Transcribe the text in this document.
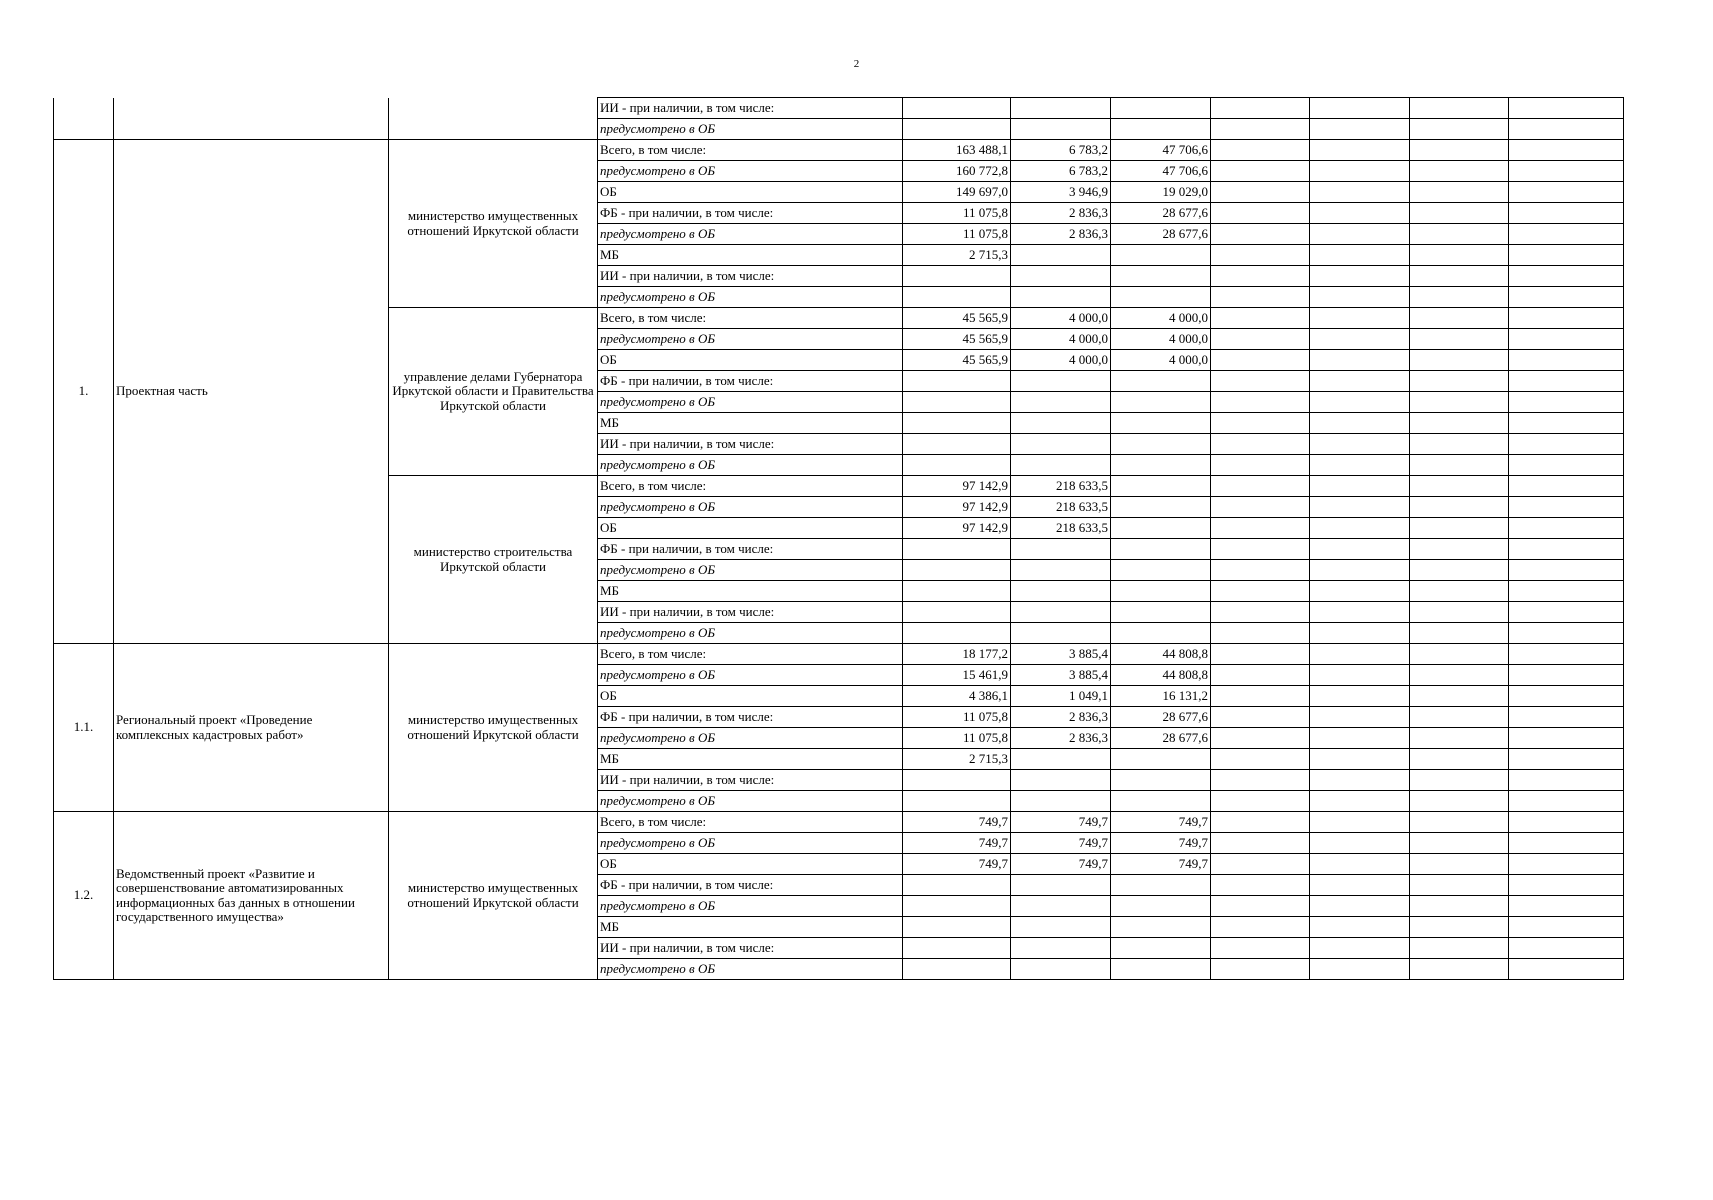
2
			ИИ - при наличии, в том числе:							
			предусмотрено в ОБ							
1.	Проектная часть	министерство имущественных отношений Иркутской области	Всего, в том числе:	163 488,1	6 783,2	47 706,6				
			предусмотрено в ОБ	160 772,8	6 783,2	47 706,6				
			ОБ	149 697,0	3 946,9	19 029,0				
			ФБ - при наличии, в том числе:	11 075,8	2 836,3	28 677,6				
			предусмотрено в ОБ	11 075,8	2 836,3	28 677,6				
			МБ	2 715,3						
			ИИ - при наличии, в том числе:							
			предусмотрено в ОБ							
		управление делами Губернатора Иркутской области и Правительства Иркутской области	Всего, в том числе:	45 565,9	4 000,0	4 000,0				
			предусмотрено в ОБ	45 565,9	4 000,0	4 000,0				
			ОБ	45 565,9	4 000,0	4 000,0				
			ФБ - при наличии, в том числе:							
			предусмотрено в ОБ							
			МБ							
			ИИ - при наличии, в том числе:							
			предусмотрено в ОБ							
		министерство строительства Иркутской области	Всего, в том числе:	97 142,9	218 633,5					
			предусмотрено в ОБ	97 142,9	218 633,5					
			ОБ	97 142,9	218 633,5					
			ФБ - при наличии, в том числе:							
			предусмотрено в ОБ							
			МБ							
			ИИ - при наличии, в том числе:							
			предусмотрено в ОБ							
1.1.	Региональный проект «Проведение комплексных кадастровых работ»	министерство имущественных отношений Иркутской области	Всего, в том числе:	18 177,2	3 885,4	44 808,8				
			предусмотрено в ОБ	15 461,9	3 885,4	44 808,8				
			ОБ	4 386,1	1 049,1	16 131,2				
			ФБ - при наличии, в том числе:	11 075,8	2 836,3	28 677,6				
			предусмотрено в ОБ	11 075,8	2 836,3	28 677,6				
			МБ	2 715,3						
			ИИ - при наличии, в том числе:							
			предусмотрено в ОБ							
1.2.	Ведомственный проект «Развитие и совершенствование автоматизированных информационных баз данных в отношении государственного имущества»	министерство имущественных отношений Иркутской области	Всего, в том числе:	749,7	749,7	749,7				
			предусмотрено в ОБ	749,7	749,7	749,7				
			ОБ	749,7	749,7	749,7				
			ФБ - при наличии, в том числе:							
			предусмотрено в ОБ							
			МБ							
			ИИ - при наличии, в том числе:							
			предусмотрено в ОБ							
